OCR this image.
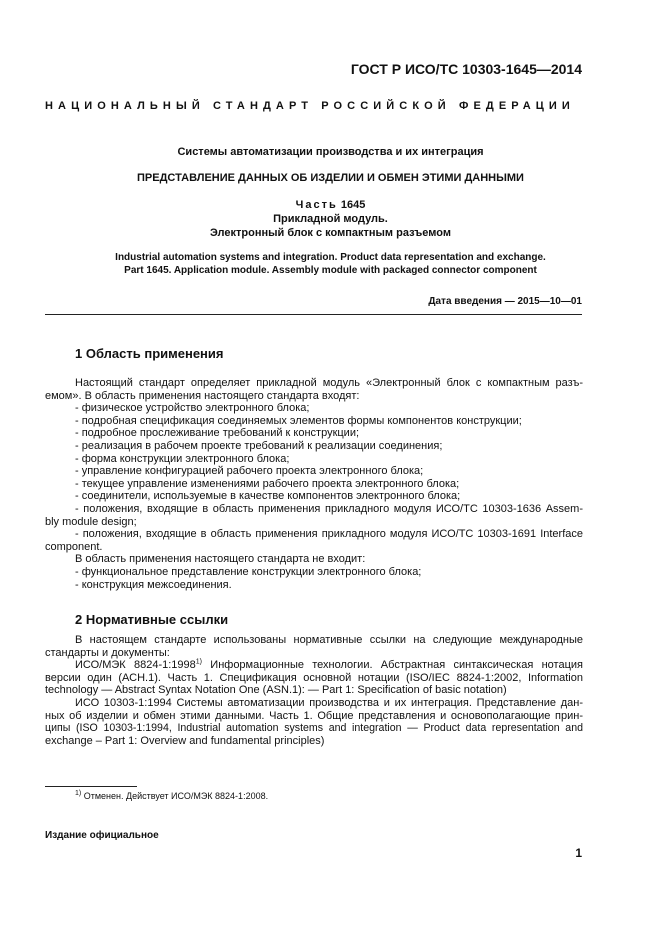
ГОСТ Р ИСО/ТС 10303-1645—2014
НАЦИОНАЛЬНЫЙ СТАНДАРТ РОССИЙСКОЙ ФЕДЕРАЦИИ
Системы автоматизации производства и их интеграция
ПРЕДСТАВЛЕНИЕ ДАННЫХ ОБ ИЗДЕЛИИ И ОБМЕН ЭТИМИ ДАННЫМИ
Часть 1645
Прикладной модуль.
Электронный блок с компактным разъемом
Industrial automation systems and integration. Product data representation and exchange.
Part 1645. Application module. Assembly module with packaged connector component
Дата введения — 2015—10—01
1 Область применения
Настоящий стандарт определяет прикладной модуль «Электронный блок с компактным разъ-
емом». В область применения настоящего стандарта входят:
- физическое устройство электронного блока;
- подробная спецификация соединяемых элементов формы компонентов конструкции;
- подробное прослеживание требований к конструкции;
- реализация в рабочем проекте требований к реализации соединения;
- форма конструкции электронного блока;
- управление конфигурацией рабочего проекта электронного блока;
- текущее управление изменениями рабочего проекта электронного блока;
- соединители, используемые в качестве компонентов электронного блока;
- положения, входящие в область применения прикладного модуля ИСО/ТС 10303-1636 Assem-
bly module design;
- положения, входящие в область применения прикладного модуля ИСО/ТС 10303-1691 Interface
component.
В область применения настоящего стандарта не входит:
- функциональное представление конструкции электронного блока;
- конструкция межсоединения.
2 Нормативные ссылки
В настоящем стандарте использованы нормативные ссылки на следующие международные
стандарты и документы:
ИСО/МЭК 8824-1:1998$^{1)}$ Информационные технологии. Абстрактная синтаксическая нотация
версии один (АСН.1). Часть 1. Спецификация основной нотации (ISO/IEC 8824-1:2002, Information
technology — Abstract Syntax Notation One (ASN.1): — Part 1: Specification of basic notation)
ИСО 10303-1:1994 Системы автоматизации производства и их интеграция. Представление дан-
ных об изделии и обмен этими данными. Часть 1. Общие представления и основополагающие прин-
ципы (ISO 10303-1:1994, Industrial automation systems and integration — Product data representation and
exchange – Part 1: Overview and fundamental principles)
$^{1)}$ Отменен. Действует ИСО/МЭК 8824-1:2008.
Издание официальное
1
